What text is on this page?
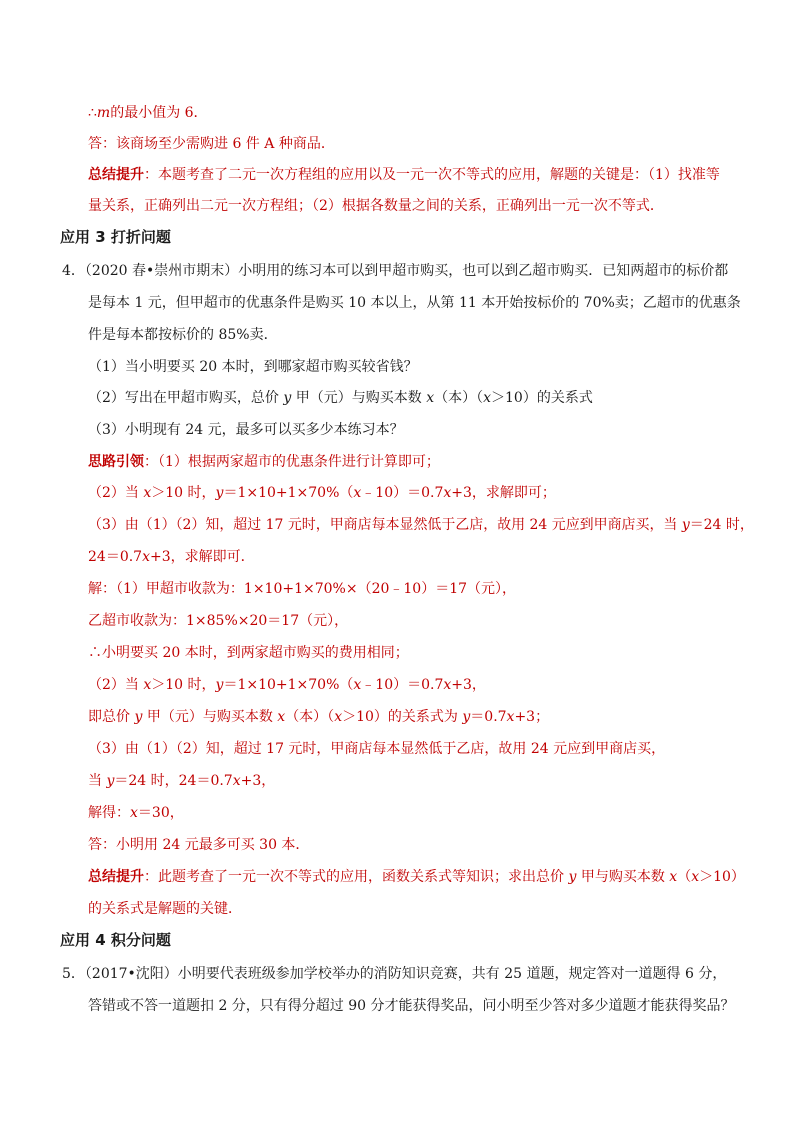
∴m的最小值为 6．
答：该商场至少需购进 6 件 A 种商品．
总结提升：本题考查了二元一次方程组的应用以及一元一次不等式的应用，解题的关键是：（1）找准等
量关系，正确列出二元一次方程组；（2）根据各数量之间的关系，正确列出一元一次不等式．
应用 3 打折问题
4．（2020 春•崇州市期末）小明用的练习本可以到甲超市购买，也可以到乙超市购买．已知两超市的标价都
是每本 1 元，但甲超市的优惠条件是购买 10 本以上，从第 11 本开始按标价的 70%卖；乙超市的优惠条
件是每本都按标价的 85%卖．
（1）当小明要买 20 本时，到哪家超市购买较省钱？
（2）写出在甲超市购买，总价 y 甲（元）与购买本数 x（本）（x＞10）的关系式
（3）小明现有 24 元，最多可以买多少本练习本？
思路引领：（1）根据两家超市的优惠条件进行计算即可；
（2）当 x＞10 时，y＝1×10+1×70%（x﹣10）＝0.7x+3，求解即可；
（3）由（1）（2）知，超过 17 元时，甲商店每本显然低于乙店，故用 24 元应到甲商店买，当 y＝24 时，
24＝0.7x+3，求解即可．
解：（1）甲超市收款为：1×10+1×70%×（20﹣10）＝17（元），
乙超市收款为：1×85%×20＝17（元），
∴小明要买 20 本时，到两家超市购买的费用相同；
（2）当 x＞10 时，y＝1×10+1×70%（x﹣10）＝0.7x+3，
即总价 y 甲（元）与购买本数 x（本）（x＞10）的关系式为 y＝0.7x+3；
（3）由（1）（2）知，超过 17 元时，甲商店每本显然低于乙店，故用 24 元应到甲商店买，
当 y＝24 时，24＝0.7x+3，
解得：x＝30，
答：小明用 24 元最多可买 30 本．
总结提升：此题考查了一元一次不等式的应用，函数关系式等知识；求出总价 y 甲与购买本数 x（x＞10）
的关系式是解题的关键．
应用 4 积分问题
5．（2017•沈阳）小明要代表班级参加学校举办的消防知识竞赛，共有 25 道题，规定答对一道题得 6 分，
答错或不答一道题扣 2 分，只有得分超过 90 分才能获得奖品，问小明至少答对多少道题才能获得奖品？
